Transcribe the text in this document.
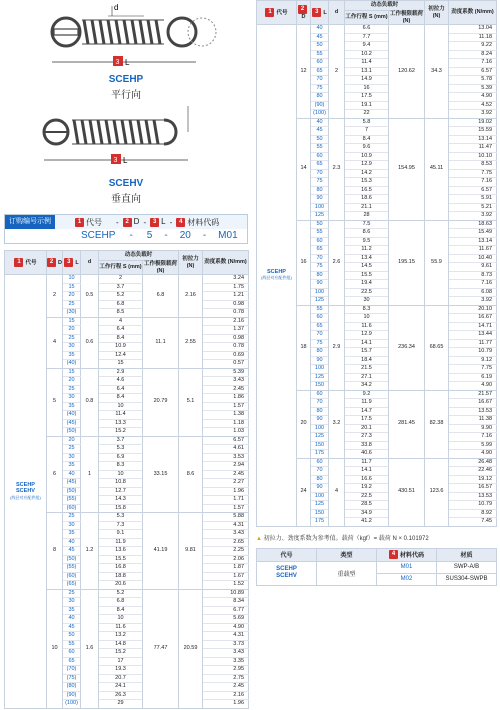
d
3 L
SCEHP
平行向
3 L
SCEHV
垂直向
订购编号示例	1 代号 -	2 D -	3 L -	4 材料代码
SCEHP - 5 - 20 - M01
1 代号	2 D	3 L	d	动态负载时		初拉力 (N)	劲度系数 (N/mm)
				工作行程 S (mm)	工作极限载荷 (N)		

SCEHP
SCEHV
(线径对应配件组)	2	10	0.5	2	6.8	2.16	3.24
		15		3.7			1.75
		20		5.2			1.21
		25		6.8			0.98
		(30)		8.5			0.78
	4	15	0.6	4	11.1	2.55	2.16
		20		6.4			1.37
		25		8.4			0.98
		30		10.9			0.78
		35		12.4			0.69
		(40)		15			0.57
	5	15	0.8	2.9	20.79	5.1	5.39
		20		4.6			3.43
		25		6.4			2.45
		30		8.4			1.86
		35		10			1.57
		(40)		11.4			1.38
		(45)		13.3			1.18
		(50)		15.2			1.03
	6	20	1	3.7	33.15	8.6	6.57
		25		5.3			4.61
		30		6.9			3.53
		35		8.3			2.94
		40		10			2.45
		(45)		10.8			2.27
		(50)		12.7			1.96
		(55)		14.3			1.71
		(60)		15.8			1.57
	8	25	1.2	5.3	41.19	9.81	5.88
		30		7.3			4.31
		35		9.1			3.43
		40		11.9			2.65
		45		13.6			2.25
		(50)		15.5			2.06
		(55)		16.8			1.87
		(60)		18.8			1.67
		(65)		20.6			1.52
	10	25	1.6	5.2	77.47	20.59	10.89
		30		6.8			8.34
		35		8.4			6.77
		40		10			5.69
		45		11.6			4.90
		50		13.2			4.31
		55		14.8			3.73
		60		15.2			3.43
		65		17			3.35
		(70)		19.3			2.95
		(75)		20.7			2.75
		(80)		24.1			2.45
		(90)		26.3			2.16
		(100)		29			1.96
1 代号	2D	3 L	d	动态负载时		初拉力 (N)	劲度系数 (N/mm)
				工作行程 S (mm)	工作极限载荷 (N)		

SCEHP
(线径对应配件组)	12	40	2	6.6	120.62	34.3	13.04
		45		7.7			11.18
		50		9.4			9.22
		55		10.2			8.24
		60		11.4			7.16
		65		13.1			6.57
		70		14.9			5.78
		75		16			5.39
		80		17.5			4.90
		(90)		19.1			4.52
		(100)		22			3.92
	14	40	2.3	5.8	154.95	45.11	19.02
		45		7			15.59
		50		8.4			13.14
		55		9.6			11.47
		60		10.9			10.10
		65		12.9			8.53
		70		14.2			7.75
		75		15.3			7.16
		80		16.5			6.57
		90		18.6			5.91
		100		21.1			5.21
		125		28			3.92
	16	50	2.6	7.5	195.15	55.9	18.63
		55		8.6			15.49
		60		9.5			13.14
		65		11.2			11.67
		70		13.4			10.40
		75		14.5			9.61
		80		15.5			8.73
		90		19.4			7.16
		100		22.5			6.08
		125		30			3.92
	18	55	2.9	8.3	236.34	68.65	20.10
		60		10			16.67
		65		11.6			14.71
		70		12.9			13.44
		75		14.1			11.77
		80		15.7			10.79
		90		18.4			9.12
		100		21.5			7.75
		125		27.1			6.19
		150		34.2			4.90
	20	60	3.2	9.2	281.45	82.38	21.57
		70		11.9			16.67
		80		14.7			13.53
		90		17.5			11.38
		100		20.1			9.90
		125		27.3			7.16
		150		33.8			5.99
		175		40.6			4.90
	24	60	4	11.7	430.51	123.6	26.48
		70		14.1			22.46
		80		16.6			19.12
		90		19.2			16.57
		100		22.5			13.53
		125		28.5			10.79
		150		34.9			8.92
		175		41.2			7.45
▲ 初拉力、劲度系数为参考值。载荷（kgf）= 载荷 N × 0.101972
代号	类型	4 材料代码	材质

SCEHP
SCEHV	重载型	M01	SWP-A/B
		M02	SUS304-SWPB
